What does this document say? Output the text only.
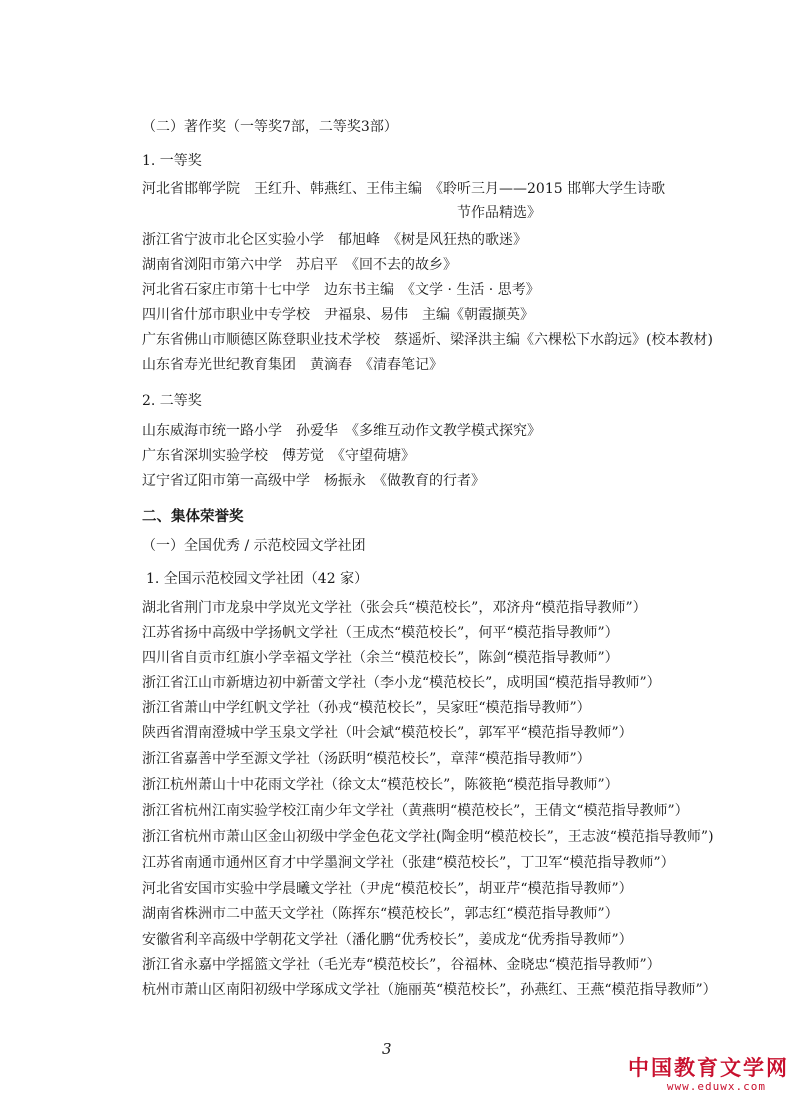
（二）著作奖（一等奖7部，二等奖3部）
1. 一等奖
河北省邯郸学院　王红升、韩燕红、王伟主编　《聆听三月——2015 邯郸大学生诗歌
节作品精选》
浙江省宁波市北仑区实验小学　郁旭峰　《树是风狂热的歌迷》
湖南省浏阳市第六中学　苏启平　《回不去的故乡》
河北省石家庄市第十七中学　边东书主编　《文学 · 生活 · 思考》
四川省什邡市职业中专学校　尹福泉、易伟　主编《朝霞撷英》
广东省佛山市顺德区陈登职业技术学校　蔡遥炘、梁泽洪主编《六棵松下水韵远》(校本教材)
山东省寿光世纪教育集团　黄滴春　《清春笔记》
2. 二等奖
山东威海市统一路小学　孙爱华　《多维互动作文教学模式探究》
广东省深圳实验学校　傅芳觉　《守望荷塘》
辽宁省辽阳市第一高级中学　杨振永　《做教育的行者》
二、集体荣誉奖
（一）全国优秀 / 示范校园文学社团
1. 全国示范校园文学社团（42 家）
湖北省荆门市龙泉中学岚光文学社（张会兵“模范校长”，邓济舟“模范指导教师”）
江苏省扬中高级中学扬帆文学社（王成杰“模范校长”，何平“模范指导教师”）
四川省自贡市红旗小学幸福文学社（余兰“模范校长”，陈剑“模范指导教师”）
浙江省江山市新塘边初中新蕾文学社（李小龙“模范校长”，成明国“模范指导教师”）
浙江省萧山中学红帆文学社（孙戎“模范校长”，吴家旺“模范指导教师”）
陕西省渭南澄城中学玉泉文学社（叶会斌“模范校长”，郭军平“模范指导教师”）
浙江省嘉善中学至源文学社（汤跃明“模范校长”，章萍“模范指导教师”）
浙江杭州萧山十中花雨文学社（徐文太“模范校长”，陈筱艳“模范指导教师”）
浙江省杭州江南实验学校江南少年文学社（黄燕明“模范校长”，王倩文“模范指导教师”）
浙江省杭州市萧山区金山初级中学金色花文学社(陶金明“模范校长”，王志波“模范指导教师”)
江苏省南通市通州区育才中学墨涧文学社（张建“模范校长”，丁卫军“模范指导教师”）
河北省安国市实验中学晨曦文学社（尹虎“模范校长”，胡亚芹“模范指导教师”）
湖南省株洲市二中蓝天文学社（陈挥东“模范校长”，郭志红“模范指导教师”）
安徽省利辛高级中学朝花文学社（潘化鹏“优秀校长”，姜成龙“优秀指导教师”）
浙江省永嘉中学摇篮文学社（毛光寿“模范校长”，谷福林、金晓忠“模范指导教师”）
杭州市萧山区南阳初级中学琢成文学社（施丽英“模范校长”，孙燕红、王燕“模范指导教师”）
3
中国教育文学网
www.eduwx.com
